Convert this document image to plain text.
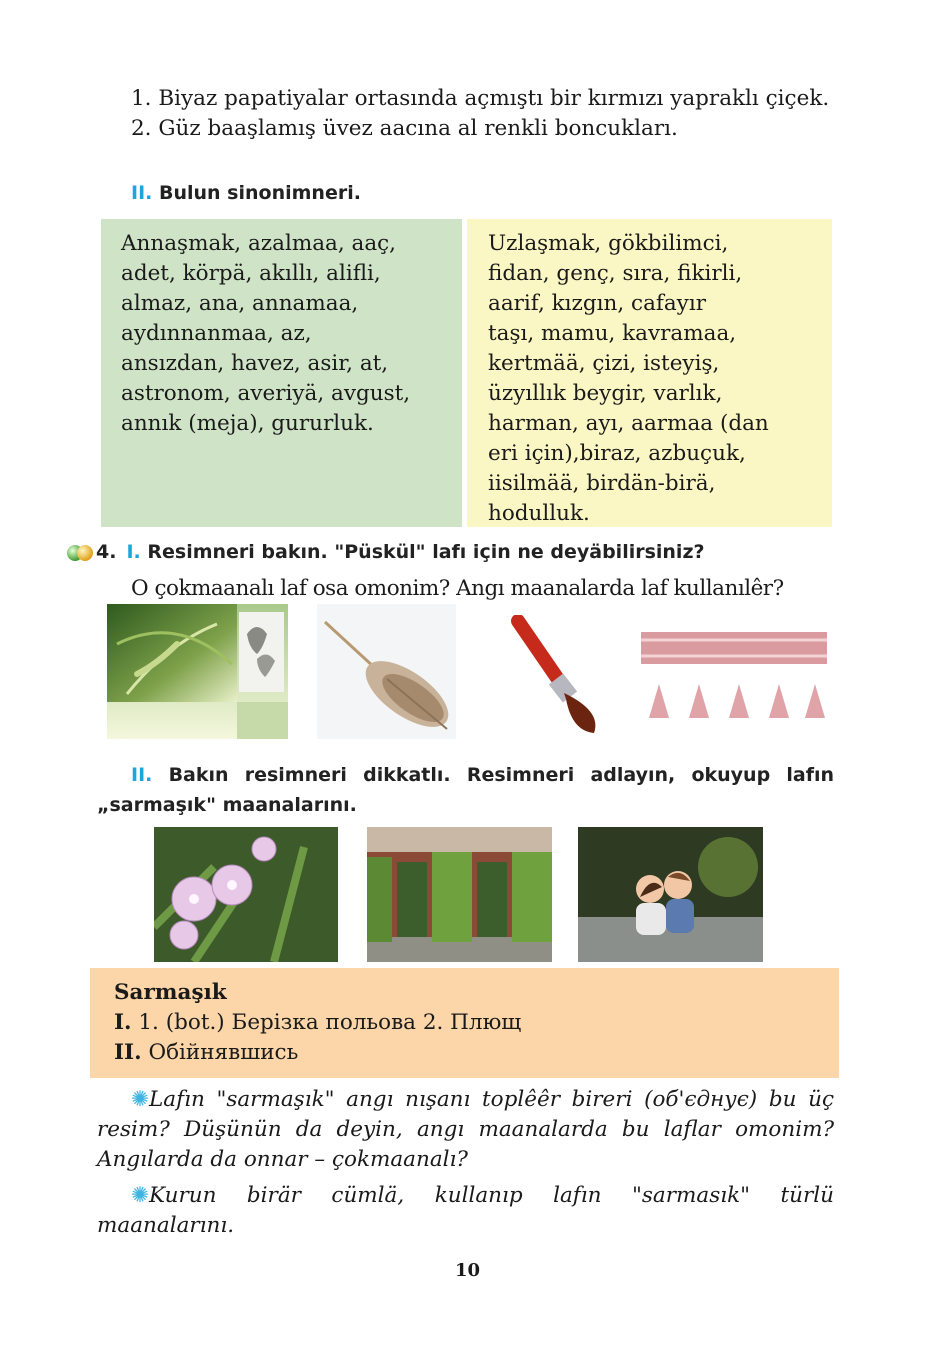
1. Biyaz papatiyalar ortasında açmıştı bir kırmızı yapraklı çiçek.

2. Güz baaşlamış üvez aacına al renkli boncukları.

II. Bulun sinonimneri.

Annaşmak, azalmaa, aaç,
adet, körpä, akıllı, alifli,
almaz, ana, annamaa,
aydınnanmaa, az,
ansızdan, havez, asir, at,
astronom, averiyä, avgust,
annık (meja), gururluk.

Uzlaşmak, gökbilimci,
fidan, genç, sıra, fikirli,
aarif, kızgın, cafayır
taşı, mamu, kavramaa,
kertmää, çizi, isteyiş,
üzyıllık beygir, varlık,
harman, ayı, aarmaa (dan
eri için),biraz, azbuçuk,
iisilmää, birdän-birä,
hodulluk.

4. I. Resimneri bakın. "Püskül" lafı için ne deyäbilirsiniz?
O çokmaanalı laf osa omonim? Angı maanalarda laf kullanılêr?
II. Bakın resimneri dikkatlı. Resimneri adlayın, okuyup lafın „sarmaşık" maanalarını.

Sarmaşık

I. 1. (bot.) Берізка польова 2. Плющ

II. Обійнявшись

✺Lafın "sarmaşık" angı nışanı toplêêr bireri (об'єднує) bu üç resim? Düşünün da deyin, angı maanalarda bu laflar omonim? Angılarda da onnar – çokmaanalı?
✺Kurun birär cümlä, kullanıp lafın "sarmasık" türlü maanalarını.
10
